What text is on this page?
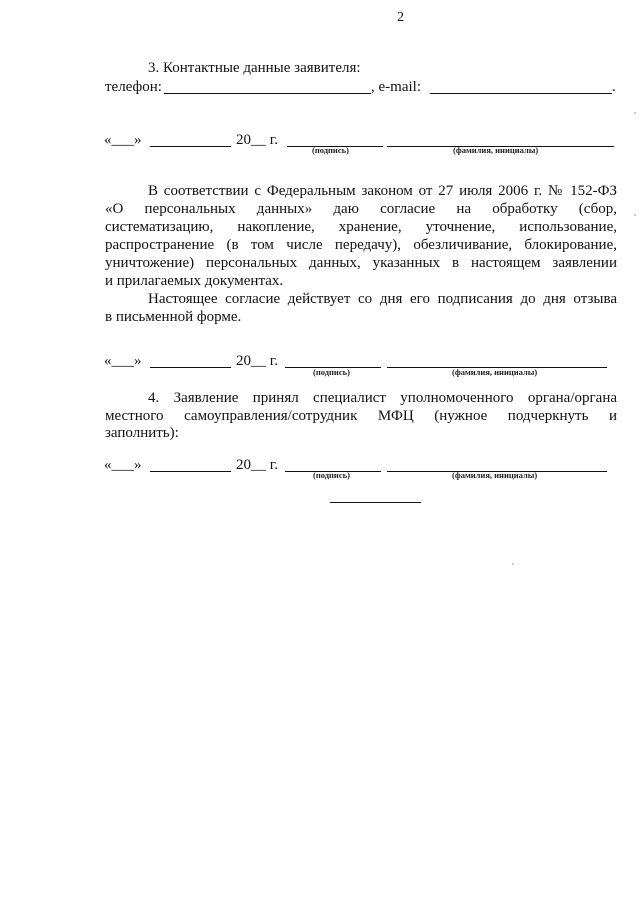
2
3. Контактные данные заявителя:
телефон:	, e-mail:	.
«___»	20__ г.
(подпись)	(фамилия, инициалы)
В соответствии с Федеральным законом от 27 июля 2006 г. № 152-ФЗ
«О персональных данных» даю согласие на обработку (сбор,
систематизацию, накопление, хранение, уточнение, использование,
распространение (в том числе передачу), обезличивание, блокирование,
уничтожение) персональных данных, указанных в настоящем заявлении
и прилагаемых документах.
Настоящее согласие действует со дня его подписания до дня отзыва
в письменной форме.
«___»	20__ г.
(подпись)	(фамилия, инициалы)
4. Заявление принял специалист уполномоченного органа/органа
местного самоуправления/сотрудник МФЦ (нужное подчеркнуть и
заполнить):
«___»	20__ г.
(подпись)	(фамилия, инициалы)
